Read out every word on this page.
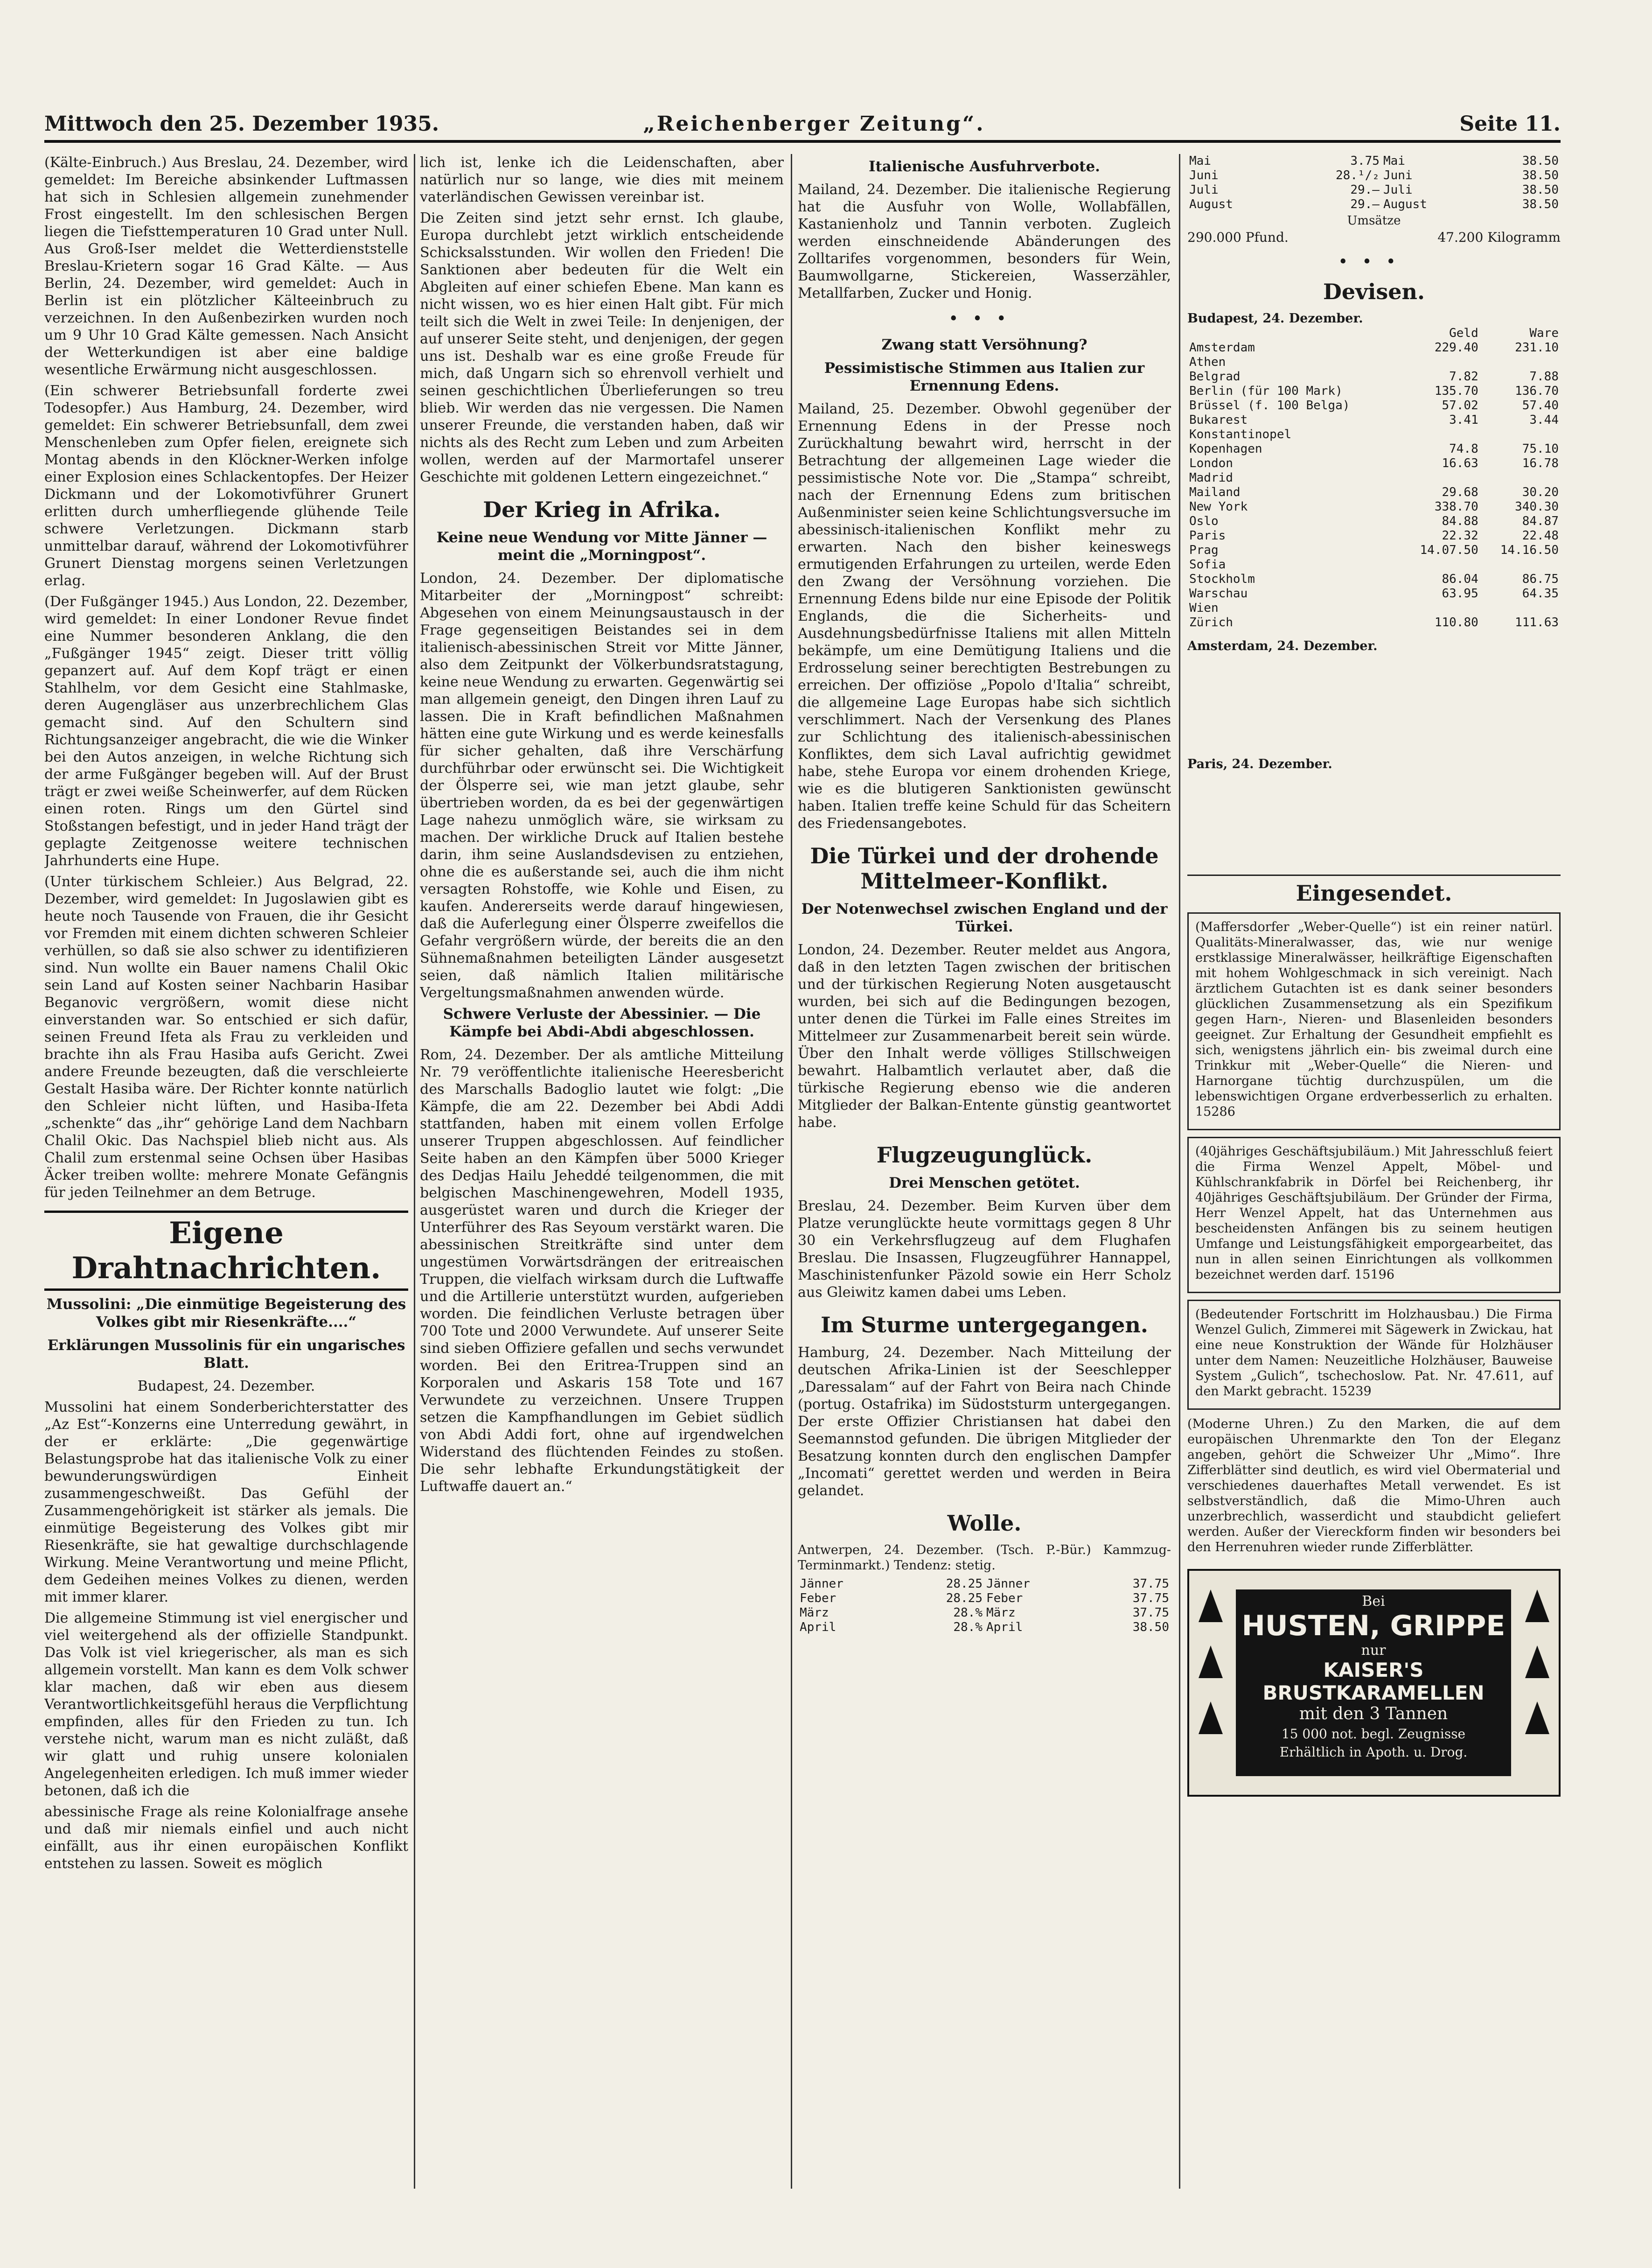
Mittwoch den 25. Dezember 1935.	„Reichenberger Zeitung“.	Seite 11.

(Kälte-Einbruch.) Aus Breslau, 24. Dezember, wird gemeldet: Im Bereiche absinkender Luftmassen hat sich in Schlesien allgemein zunehmender Frost eingestellt. Im den schlesischen Bergen liegen die Tiefsttemperaturen 10 Grad unter Null. Aus Groß-Iser meldet die Wetterdienststelle Breslau-Krietern sogar 16 Grad Kälte. — Aus Berlin, 24. Dezember, wird gemeldet: Auch in Berlin ist ein plötzlicher Kälteeinbruch zu verzeichnen. In den Außenbezirken wurden noch um 9 Uhr 10 Grad Kälte gemessen. Nach Ansicht der Wetterkundigen ist aber eine baldige wesentliche Erwärmung nicht ausgeschlossen.

(Ein schwerer Betriebsunfall forderte zwei Todesopfer.) Aus Hamburg, 24. Dezember, wird gemeldet: Ein schwerer Betriebsunfall, dem zwei Menschenleben zum Opfer fielen, ereignete sich Montag abends in den Klöckner-Werken infolge einer Explosion eines Schlackentopfes. Der Heizer Dickmann und der Lokomotivführer Grunert erlitten durch umherfliegende glühende Teile schwere Verletzungen. Dickmann starb unmittelbar darauf, während der Lokomotivführer Grunert Dienstag morgens seinen Verletzungen erlag.

(Der Fußgänger 1945.) Aus London, 22. Dezember, wird gemeldet: In einer Londoner Revue findet eine Nummer besonderen Anklang, die den „Fußgänger 1945“ zeigt. Dieser tritt völlig gepanzert auf. Auf dem Kopf trägt er einen Stahlhelm, vor dem Gesicht eine Stahlmaske, deren Augengläser aus unzerbrechlichem Glas gemacht sind. Auf den Schultern sind Richtungsanzeiger angebracht, die wie die Winker bei den Autos anzeigen, in welche Richtung sich der arme Fußgänger begeben will. Auf der Brust trägt er zwei weiße Scheinwerfer, auf dem Rücken einen roten. Rings um den Gürtel sind Stoßstangen befestigt, und in jeder Hand trägt der geplagte Zeitgenosse weitere technischen Jahrhunderts eine Hupe.

(Unter türkischem Schleier.) Aus Belgrad, 22. Dezember, wird gemeldet: In Jugoslawien gibt es heute noch Tausende von Frauen, die ihr Gesicht vor Fremden mit einem dichten schweren Schleier verhüllen, so daß sie also schwer zu identifizieren sind. Nun wollte ein Bauer namens Chalil Okic sein Land auf Kosten seiner Nachbarin Hasibar Beganovic vergrößern, womit diese nicht einverstanden war. So entschied er sich dafür, seinen Freund Ifeta als Frau zu verkleiden und brachte ihn als Frau Hasiba aufs Gericht. Zwei andere Freunde bezeugten, daß die verschleierte Gestalt Hasiba wäre. Der Richter konnte natürlich den Schleier nicht lüften, und Hasiba-Ifeta „schenkte“ das „ihr“ gehörige Land dem Nachbarn Chalil Okic. Das Nachspiel blieb nicht aus. Als Chalil zum erstenmal seine Ochsen über Hasibas Äcker treiben wollte: mehrere Monate Gefängnis für jeden Teilnehmer an dem Betruge.

Eigene Drahtnachrichten.
Mussolini: „Die einmütige Begeisterung des Volkes gibt mir Riesenkräfte....“
Erklärungen Mussolinis für ein ungarisches Blatt.

Budapest, 24. Dezember.

Mussolini hat einem Sonderberichterstatter des „Az Est“-Konzerns eine Unterredung gewährt, in der er erklärte: „Die gegenwärtige Belastungsprobe hat das italienische Volk zu einer bewunderungswürdigen Einheit zusammengeschweißt. Das Gefühl der Zusammengehörigkeit ist stärker als jemals. Die einmütige Begeisterung des Volkes gibt mir Riesenkräfte, sie hat gewaltige durchschlagende Wirkung. Meine Verantwortung und meine Pflicht, dem Gedeihen meines Volkes zu dienen, werden mit immer klarer.

Die allgemeine Stimmung ist viel energischer und viel weitergehend als der offizielle Standpunkt. Das Volk ist viel kriegerischer, als man es sich allgemein vorstellt. Man kann es dem Volk schwer klar machen, daß wir eben aus diesem Verantwortlichkeitsgefühl heraus die Verpflichtung empfinden, alles für den Frieden zu tun. Ich verstehe nicht, warum man es nicht zuläßt, daß wir glatt und ruhig unsere kolonialen Angelegenheiten erledigen. Ich muß immer wieder betonen, daß ich die

abessinische Frage als reine Kolonialfrage ansehe und daß mir niemals einfiel und auch nicht einfällt, aus ihr einen europäischen Konflikt entstehen zu lassen. Soweit es möglich

lich ist, lenke ich die Leidenschaften, aber natürlich nur so lange, wie dies mit meinem vaterländischen Gewissen vereinbar ist.

Die Zeiten sind jetzt sehr ernst. Ich glaube, Europa durchlebt jetzt wirklich entscheidende Schicksalsstunden. Wir wollen den Frieden! Die Sanktionen aber bedeuten für die Welt ein Abgleiten auf einer schiefen Ebene. Man kann es nicht wissen, wo es hier einen Halt gibt. Für mich teilt sich die Welt in zwei Teile: In denjenigen, der auf unserer Seite steht, und denjenigen, der gegen uns ist. Deshalb war es eine große Freude für mich, daß Ungarn sich so ehrenvoll verhielt und seinen geschichtlichen Überlieferungen so treu blieb. Wir werden das nie vergessen. Die Namen unserer Freunde, die verstanden haben, daß wir nichts als des Recht zum Leben und zum Arbeiten wollen, werden auf der Marmortafel unserer Geschichte mit goldenen Lettern eingezeichnet.“

Der Krieg in Afrika.
Keine neue Wendung vor Mitte Jänner — meint die „Morningpost“.

London, 24. Dezember. Der diplomatische Mitarbeiter der „Morningpost“ schreibt: Abgesehen von einem Meinungsaustausch in der Frage gegenseitigen Beistandes sei in dem italienisch-abessinischen Streit vor Mitte Jänner, also dem Zeitpunkt der Völkerbundsratstagung, keine neue Wendung zu erwarten. Gegenwärtig sei man allgemein geneigt, den Dingen ihren Lauf zu lassen. Die in Kraft befindlichen Maßnahmen hätten eine gute Wirkung und es werde keinesfalls für sicher gehalten, daß ihre Verschärfung durchführbar oder erwünscht sei. Die Wichtigkeit der Ölsperre sei, wie man jetzt glaube, sehr übertrieben worden, da es bei der gegenwärtigen Lage nahezu unmöglich wäre, sie wirksam zu machen. Der wirkliche Druck auf Italien bestehe darin, ihm seine Auslandsdevisen zu entziehen, ohne die es außerstande sei, auch die ihm nicht versagten Rohstoffe, wie Kohle und Eisen, zu kaufen. Andererseits werde darauf hingewiesen, daß die Auferlegung einer Ölsperre zweifellos die Gefahr vergrößern würde, der bereits die an den Sühnemaßnahmen beteiligten Länder ausgesetzt seien, daß nämlich Italien militärische Vergeltungsmaßnahmen anwenden würde.

Schwere Verluste der Abessinier. — Die Kämpfe bei Abdi-Abdi abgeschlossen.

Rom, 24. Dezember. Der als amtliche Mitteilung Nr. 79 veröffentlichte italienische Heeresbericht des Marschalls Badoglio lautet wie folgt: „Die Kämpfe, die am 22. Dezember bei Abdi Addi stattfanden, haben mit einem vollen Erfolge unserer Truppen abgeschlossen. Auf feindlicher Seite haben an den Kämpfen über 5000 Krieger des Dedjas Hailu Jeheddé teilgenommen, die mit belgischen Maschinengewehren, Modell 1935, ausgerüstet waren und durch die Krieger der Unterführer des Ras Seyoum verstärkt waren. Die abessinischen Streitkräfte sind unter dem ungestümen Vorwärtsdrängen der eritreaischen Truppen, die vielfach wirksam durch die Luftwaffe und die Artillerie unterstützt wurden, aufgerieben worden. Die feindlichen Verluste betragen über 700 Tote und 2000 Verwundete. Auf unserer Seite sind sieben Offiziere gefallen und sechs verwundet worden. Bei den Eritrea-Truppen sind an Korporalen und Askaris 158 Tote und 167 Verwundete zu verzeichnen. Unsere Truppen setzen die Kampfhandlungen im Gebiet südlich von Abdi Addi fort, ohne auf irgendwelchen Widerstand des flüchtenden Feindes zu stoßen. Die sehr lebhafte Erkundungstätigkeit der Luftwaffe dauert an.“

Italienische Ausfuhrverbote.

Mailand, 24. Dezember. Die italienische Regierung hat die Ausfuhr von Wolle, Wollabfällen, Kastanienholz und Tannin verboten. Zugleich werden einschneidende Abänderungen des Zolltarifes vorgenommen, besonders für Wein, Baumwollgarne, Stickereien, Wasserzähler, Metallfarben, Zucker und Honig.

•••
Zwang statt Versöhnung?
Pessimistische Stimmen aus Italien zur Ernennung Edens.

Mailand, 25. Dezember. Obwohl gegenüber der Ernennung Edens in der Presse noch Zurückhaltung bewahrt wird, herrscht in der Betrachtung der allgemeinen Lage wieder die pessimistische Note vor. Die „Stampa“ schreibt, nach der Ernennung Edens zum britischen Außenminister seien keine Schlichtungsversuche im abessinisch-italienischen Konflikt mehr zu erwarten. Nach den bisher keineswegs ermutigenden Erfahrungen zu urteilen, werde Eden den Zwang der Versöhnung vorziehen. Die Ernennung Edens bilde nur eine Episode der Politik Englands, die die Sicherheits- und Ausdehnungsbedürfnisse Italiens mit allen Mitteln bekämpfe, um eine Demütigung Italiens und die Erdrosselung seiner berechtigten Bestrebungen zu erreichen. Der offiziöse „Popolo d'Italia“ schreibt, die allgemeine Lage Europas habe sich sichtlich verschlimmert. Nach der Versenkung des Planes zur Schlichtung des italienisch-abessinischen Konfliktes, dem sich Laval aufrichtig gewidmet habe, stehe Europa vor einem drohenden Kriege, wie es die blutigeren Sanktionisten gewünscht haben. Italien treffe keine Schuld für das Scheitern des Friedensangebotes.

Die Türkei und der drohende Mittelmeer-Konflikt.
Der Notenwechsel zwischen England und der Türkei.

London, 24. Dezember. Reuter meldet aus Angora, daß in den letzten Tagen zwischen der britischen und der türkischen Regierung Noten ausgetauscht wurden, bei sich auf die Bedingungen bezogen, unter denen die Türkei im Falle eines Streites im Mittelmeer zur Zusammenarbeit bereit sein würde. Über den Inhalt werde völliges Stillschweigen bewahrt. Halbamtlich verlautet aber, daß die türkische Regierung ebenso wie die anderen Mitglieder der Balkan-Entente günstig geantwortet habe.

Flugzeugunglück.
Drei Menschen getötet.

Breslau, 24. Dezember. Beim Kurven über dem Platze verunglückte heute vormittags gegen 8 Uhr 30 ein Verkehrsflugzeug auf dem Flughafen Breslau. Die Insassen, Flugzeugführer Hannappel, Maschinistenfunker Päzold sowie ein Herr Scholz aus Gleiwitz kamen dabei ums Leben.

Im Sturme untergegangen.

Hamburg, 24. Dezember. Nach Mitteilung der deutschen Afrika-Linien ist der Seeschlepper „Daressalam“ auf der Fahrt von Beira nach Chinde (portug. Ostafrika) im Südoststurm untergegangen. Der erste Offizier Christiansen hat dabei den Seemannstod gefunden. Die übrigen Mitglieder der Besatzung konnten durch den englischen Dampfer „Incomati“ gerettet werden und werden in Beira gelandet.

Wolle.

Antwerpen, 24. Dezember. (Tsch. P.-Bür.) Kammzug-Terminmarkt.) Tendenz: stetig.

Jänner	28.25	Jänner	37.75
Feber	28.25	Feber	37.75
März	28.%	März	37.75
April	28.%	April	38.50
Mai	3.75	Mai	38.50
Juni	28.¹/₂	Juni	38.50
Juli	29.—	Juli	38.50
August	29.—	August	38.50
Umsätze
290.000 Pfund.	47.200 Kilogramm
•••
Devisen.
Budapest, 24. Dezember.
	Geld	Ware
Amsterdam	229.40	231.10
Athen		
Belgrad	7.82	7.88
Berlin (für 100 Mark)	135.70	136.70
Brüssel (f. 100 Belga)	57.02	57.40
Bukarest	3.41	3.44
Konstantinopel		
Kopenhagen	74.8	75.10
London	16.63	16.78
Madrid		
Mailand	29.68	30.20
New York	338.70	340.30
Oslo	84.88	84.87
Paris	22.32	22.48
Prag	14.07.50	14.16.50
Sofia		
Stockholm	86.04	86.75
Warschau	63.95	64.35
Wien		
Zürich	110.80	111.63
Amsterdam, 24. Dezember.
Paris, 24. Dezember.
Eingesendet.

(Maffersdorfer „Weber-Quelle“) ist ein reiner natürl. Qualitäts-Mineralwasser, das, wie nur wenige erstklassige Mineralwässer, heilkräftige Eigenschaften mit hohem Wohlgeschmack in sich vereinigt. Nach ärztlichem Gutachten ist es dank seiner besonders glücklichen Zusammensetzung als ein Spezifikum gegen Harn-, Nieren- und Blasenleiden besonders geeignet. Zur Erhaltung der Gesundheit empfiehlt es sich, wenigstens jährlich ein- bis zweimal durch eine Trinkkur mit „Weber-Quelle“ die Nieren- und Harnorgane tüchtig durchzuspülen, um die lebenswichtigen Organe erdverbesserlich zu erhalten. 15286

(40jähriges Geschäftsjubiläum.) Mit Jahresschluß feiert die Firma Wenzel Appelt, Möbel- und Kühlschrankfabrik in Dörfel bei Reichenberg, ihr 40jähriges Geschäftsjubiläum. Der Gründer der Firma, Herr Wenzel Appelt, hat das Unternehmen aus bescheidensten Anfängen bis zu seinem heutigen Umfange und Leistungsfähigkeit emporgearbeitet, das nun in allen seinen Einrichtungen als vollkommen bezeichnet werden darf. 15196

(Bedeutender Fortschritt im Holzhausbau.) Die Firma Wenzel Gulich, Zimmerei mit Sägewerk in Zwickau, hat eine neue Konstruktion der Wände für Holzhäuser unter dem Namen: Neuzeitliche Holzhäuser, Bauweise System „Gulich“, tschechoslow. Pat. Nr. 47.611, auf den Markt gebracht. 15239

(Moderne Uhren.) Zu den Marken, die auf dem europäischen Uhrenmarkte den Ton der Eleganz angeben, gehört die Schweizer Uhr „Mimo“. Ihre Zifferblätter sind deutlich, es wird viel Obermaterial und verschiedenes dauerhaftes Metall verwendet. Es ist selbstverständlich, daß die Mimo-Uhren auch unzerbrechlich, wasserdicht und staubdicht geliefert werden. Außer der Viereckform finden wir besonders bei den Herrenuhren wieder runde Zifferblätter.

Bei
HUSTEN, GRIPPE
nur
KAISER'S BRUSTKARAMELLEN
mit den 3 Tannen
15 000 not. begl. Zeugnisse
Erhältlich in Apoth. u. Drog.
